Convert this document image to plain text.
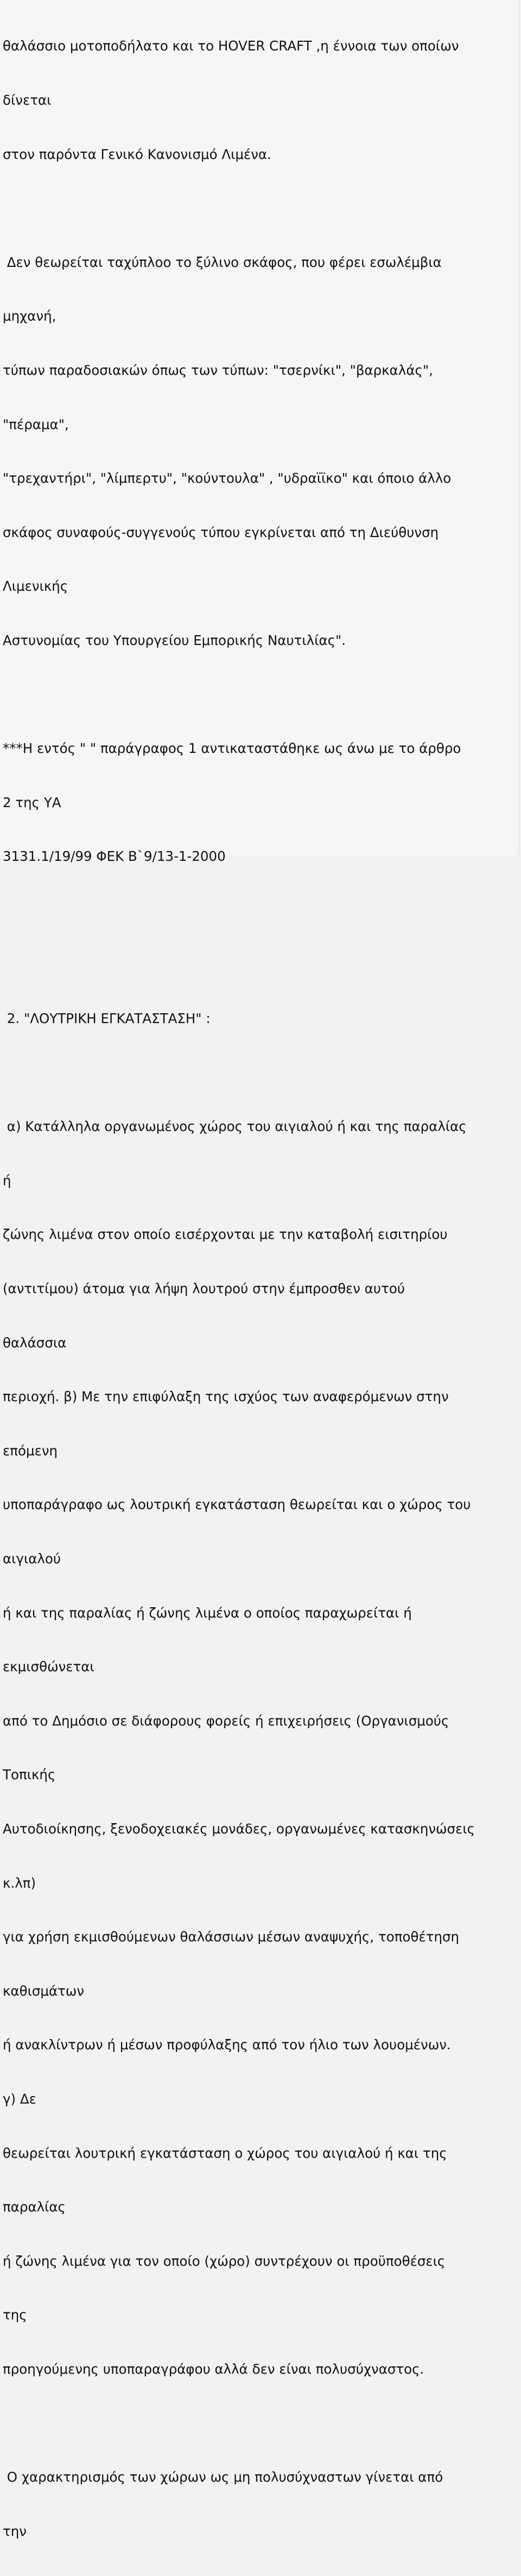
θαλάσσιο μοτοποδήλατο και το HOVER CRAFT ,η έννοια των οποίων

δίνεται

στον παρόντα Γενικό Κανονισμό Λιμένα.

Δεν θεωρείται ταχύπλοο το ξύλινο σκάφος, που φέρει εσωλέμβια

μηχανή,

τύπων παραδοσιακών όπως των τύπων: "τσερνίκι", "βαρκαλάς",

"πέραμα",

"τρεχαντήρι", "λίμπερτυ", "κούντουλα" , "υδραϊϊκο" και όποιο άλλο

σκάφος συναφούς-συγγενούς τύπου εγκρίνεται από τη Διεύθυνση

Λιμενικής

Αστυνομίας του Υπουργείου Εμπορικής Ναυτιλίας".

***Η εντός " " παράγραφος 1 αντικαταστάθηκε ως άνω με το άρθρο

2 της ΥΑ

3131.1/19/99 ΦΕΚ Β`9/13-1-2000

2. "ΛΟΥΤΡΙΚΗ ΕΓΚΑΤΑΣΤΑΣΗ" :

α) Κατάλληλα οργανωμένος χώρος του αιγιαλού ή και της παραλίας

ή

ζώνης λιμένα στον οποίο εισέρχονται με την καταβολή εισιτηρίου

(αντιτίμου) άτομα για λήψη λουτρού στην έμπροσθεν αυτού

θαλάσσια

περιοχή. β) Με την επιφύλαξη της ισχύος των αναφερόμενων στην

επόμενη

υποπαράγραφο ως λουτρική εγκατάσταση θεωρείται και ο χώρος του

αιγιαλού

ή και της παραλίας ή ζώνης λιμένα ο οποίος παραχωρείται ή

εκμισθώνεται

από το Δημόσιο σε διάφορους φορείς ή επιχειρήσεις (Οργανισμούς

Τοπικής

Αυτοδιοίκησης, ξενοδοχειακές μονάδες, οργανωμένες κατασκηνώσεις

κ.λπ)

για χρήση εκμισθούμενων θαλάσσιων μέσων αναψυχής, τοποθέτηση

καθισμάτων

ή ανακλίντρων ή μέσων προφύλαξης από τον ήλιο των λουομένων.

γ) Δε

θεωρείται λουτρική εγκατάσταση ο χώρος του αιγιαλού ή και της

παραλίας

ή ζώνης λιμένα για τον οποίο (χώρο) συντρέχουν οι προϋποθέσεις

της

προηγούμενης υποπαραγράφου αλλά δεν είναι πολυσύχναστος.

Ο χαρακτηρισμός των χώρων ως μη πολυσύχναστων γίνεται από

την
